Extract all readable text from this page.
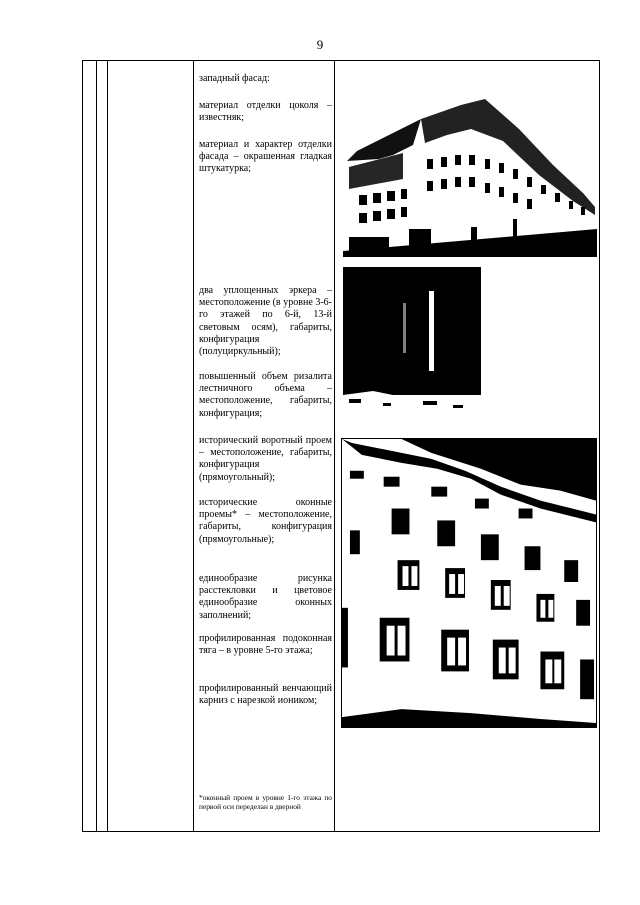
9
западный фасад:
материал отделки цоколя – известняк;
материал и характер отделки фасада – окрашенная гладкая штукатурка;
два уплощенных эркера – местоположение (в уровне 3-6-го этажей по 6-й, 13-й световым осям), габариты, конфигурация (полуциркульный);
повышенный объем ризалита лестничного объема – местоположение, габариты, конфигурация;
исторический воротный проем – местоположение, габариты, конфигурация (прямоугольный);
исторические оконные проемы* – местоположение, габариты, конфигурация (прямоугольные);
единообразие рисунка расстекловки и цветовое единообразие оконных заполнений;
профилированная подоконная тяга – в уровне 5-го этажа;
профилированный венчающий карниз с нарезкой иоником;
*оконный проем в уровне 1-го этажа по первой оси переделан в дверной
